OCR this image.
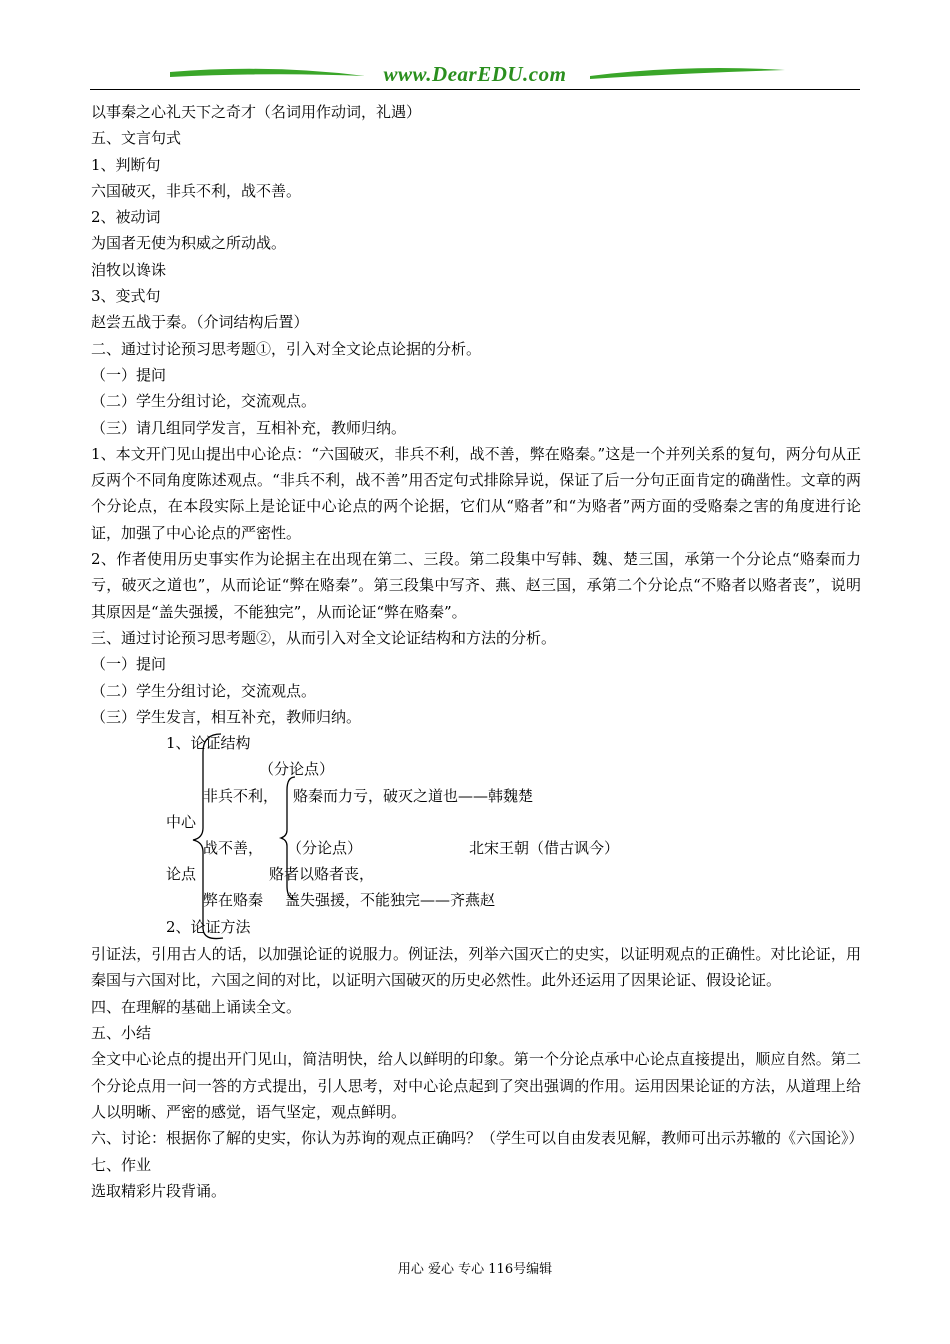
www.DearEDU.com
以事秦之心礼天下之奇才（名词用作动词，礼遇）
五、文言句式
1、判断句
六国破灭，非兵不利，战不善。
2、被动词
为国者无使为积威之所动战。
洎牧以谗诛
3、变式句
赵尝五战于秦。（介词结构后置）
二、通过讨论预习思考题①，引入对全文论点论据的分析。
（一）提问
（二）学生分组讨论，交流观点。
（三）请几组同学发言，互相补充，教师归纳。
1、本文开门见山提出中心论点：“六国破灭，非兵不利，战不善，弊在赂秦。”这是一个并列关系的复句，两分句从正反两个不同角度陈述观点。“非兵不利，战不善”用否定句式排除异说，保证了后一分句正面肯定的确凿性。文章的两个分论点，在本段实际上是论证中心论点的两个论据，它们从“赂者”和“为赂者”两方面的受赂秦之害的角度进行论证，加强了中心论点的严密性。
2、作者使用历史事实作为论据主在出现在第二、三段。第二段集中写韩、魏、楚三国，承第一个分论点“赂秦而力亏，破灭之道也”，从而论证“弊在赂秦”。第三段集中写齐、燕、赵三国，承第二个分论点“不赂者以赂者丧”，说明其原因是“盖失强援，不能独完”，从而论证“弊在赂秦”。
三、通过讨论预习思考题②，从而引入对全文论证结构和方法的分析。
（一）提问
（二）学生分组讨论，交流观点。
（三）学生发言，相互补充，教师归纳。
1、论证结构
（分论点）
非兵不利， 赂秦而力亏，破灭之道也——韩魏楚
中心
战不善， （分论点）	北宋王朝（借古讽今）
论点	赂者以赂者丧，
弊在赂秦 盖失强援，不能独完——齐燕赵
2、论证方法
引证法，引用古人的话，以加强论证的说服力。例证法，列举六国灭亡的史实，以证明观点的正确性。对比论证，用秦国与六国对比，六国之间的对比，以证明六国破灭的历史必然性。此外还运用了因果论证、假设论证。
四、在理解的基础上诵读全文。
五、小结
全文中心论点的提出开门见山，简洁明快，给人以鲜明的印象。第一个分论点承中心论点直接提出，顺应自然。第二个分论点用一问一答的方式提出，引人思考，对中心论点起到了突出强调的作用。运用因果论证的方法，从道理上给人以明晰、严密的感觉，语气坚定，观点鲜明。
六、讨论：根据你了解的史实，你认为苏询的观点正确吗？（学生可以自由发表见解，教师可出示苏辙的《六国论》）
七、作业
选取精彩片段背诵。
用心 爱心 专心 116号编辑
